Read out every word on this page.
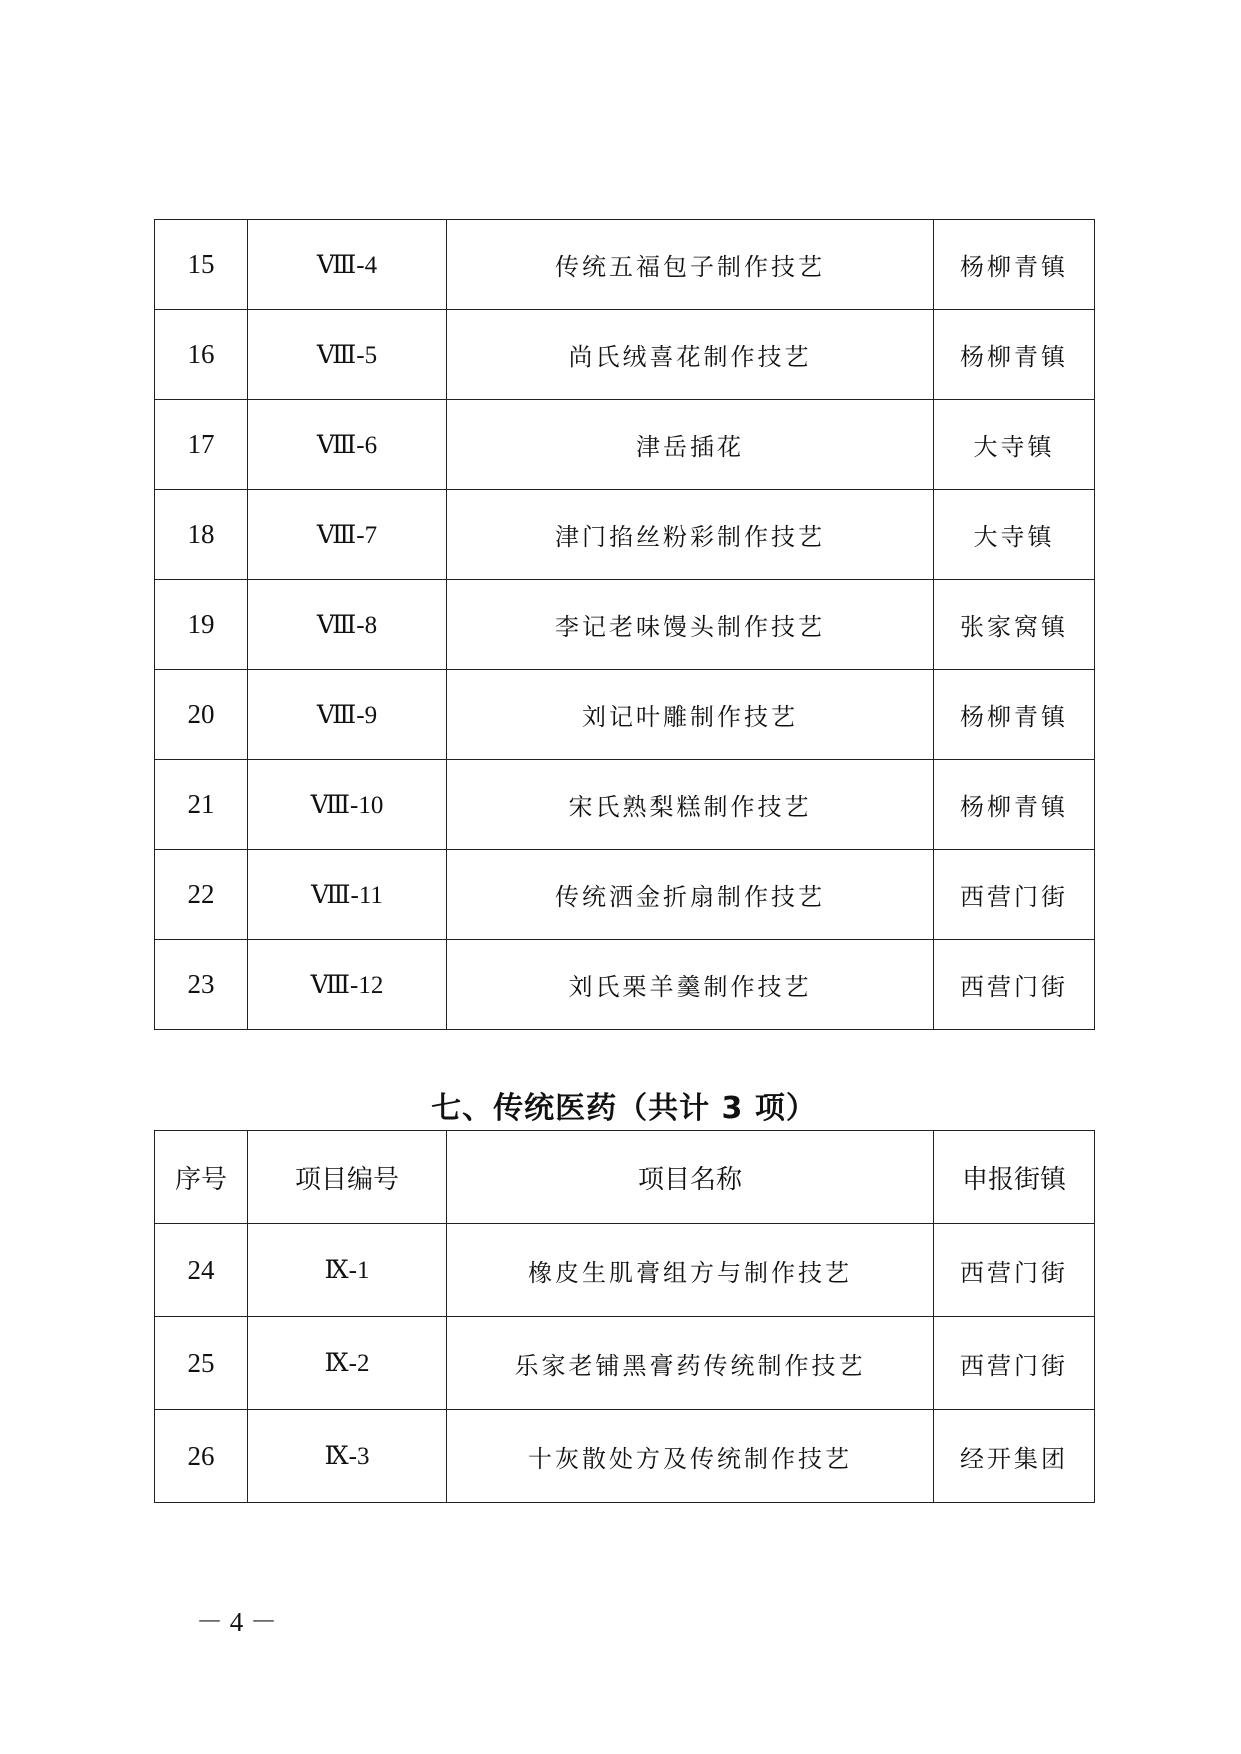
15	Ⅷ-4	传统五福包子制作技艺	杨柳青镇
16	Ⅷ-5	尚氏绒喜花制作技艺	杨柳青镇
17	Ⅷ-6	津岳插花	大寺镇
18	Ⅷ-7	津门掐丝粉彩制作技艺	大寺镇
19	Ⅷ-8	李记老味馒头制作技艺	张家窝镇
20	Ⅷ-9	刘记叶雕制作技艺	杨柳青镇
21	Ⅷ-10	宋氏熟梨糕制作技艺	杨柳青镇
22	Ⅷ-11	传统洒金折扇制作技艺	西营门街
23	Ⅷ-12	刘氏栗羊羹制作技艺	西营门街
七、传统医药（共计 3 项）
序号	项目编号	项目名称	申报街镇
24	Ⅸ-1	橡皮生肌膏组方与制作技艺	西营门街
25	Ⅸ-2	乐家老铺黑膏药传统制作技艺	西营门街
26	Ⅸ-3	十灰散处方及传统制作技艺	经开集团
－ 4 －
